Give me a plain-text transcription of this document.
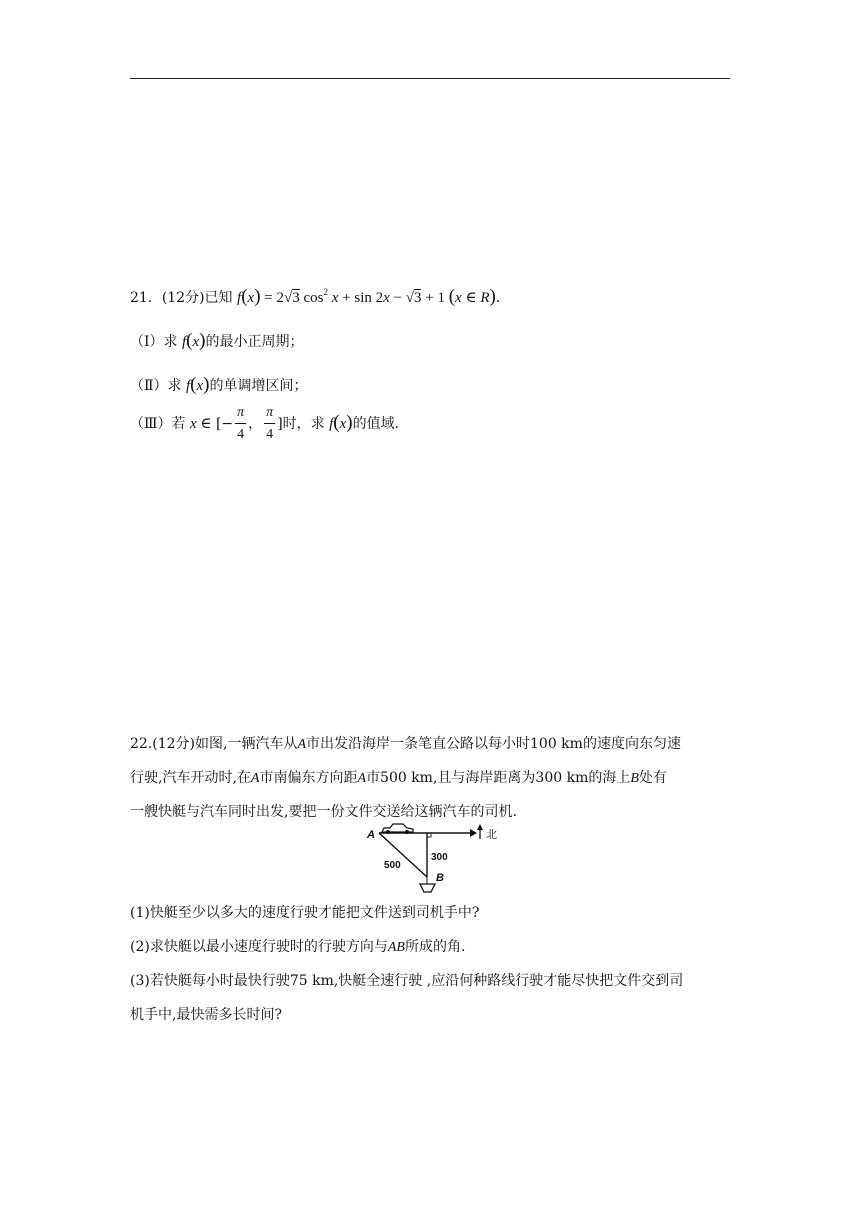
21．(12分)已知 f(x) = 2√3 $\cos^2 x + \sin 2x - √3 + 1$ (x ∈ R).
（Ⅰ）求 f(x)的最小正周期；
（Ⅱ）求 f(x)的单调增区间；
（Ⅲ）若 x ∈ [− $\frac{\pi}{4}$ ， $\frac{\pi}{4}$ ]时，求 f(x)的值域.
22.(12分)如图,一辆汽车从A市出发沿海岸一条笔直公路以每小时100 km的速度向东匀速
行驶,汽车开动时,在A市南偏东方向距A市500 km,且与海岸距离为300 km的海上B处有
一艘快艇与汽车同时出发,要把一份文件交送给这辆汽车的司机.
北
A
B
500
300
(1)快艇至少以多大的速度行驶才能把文件送到司机手中?
(2)求快艇以最小速度行驶时的行驶方向与AB所成的角.
(3)若快艇每小时最快行驶75 km,快艇全速行驶 ,应沿何种路线行驶才能尽快把文件交到司
机手中,最快需多长时间?
